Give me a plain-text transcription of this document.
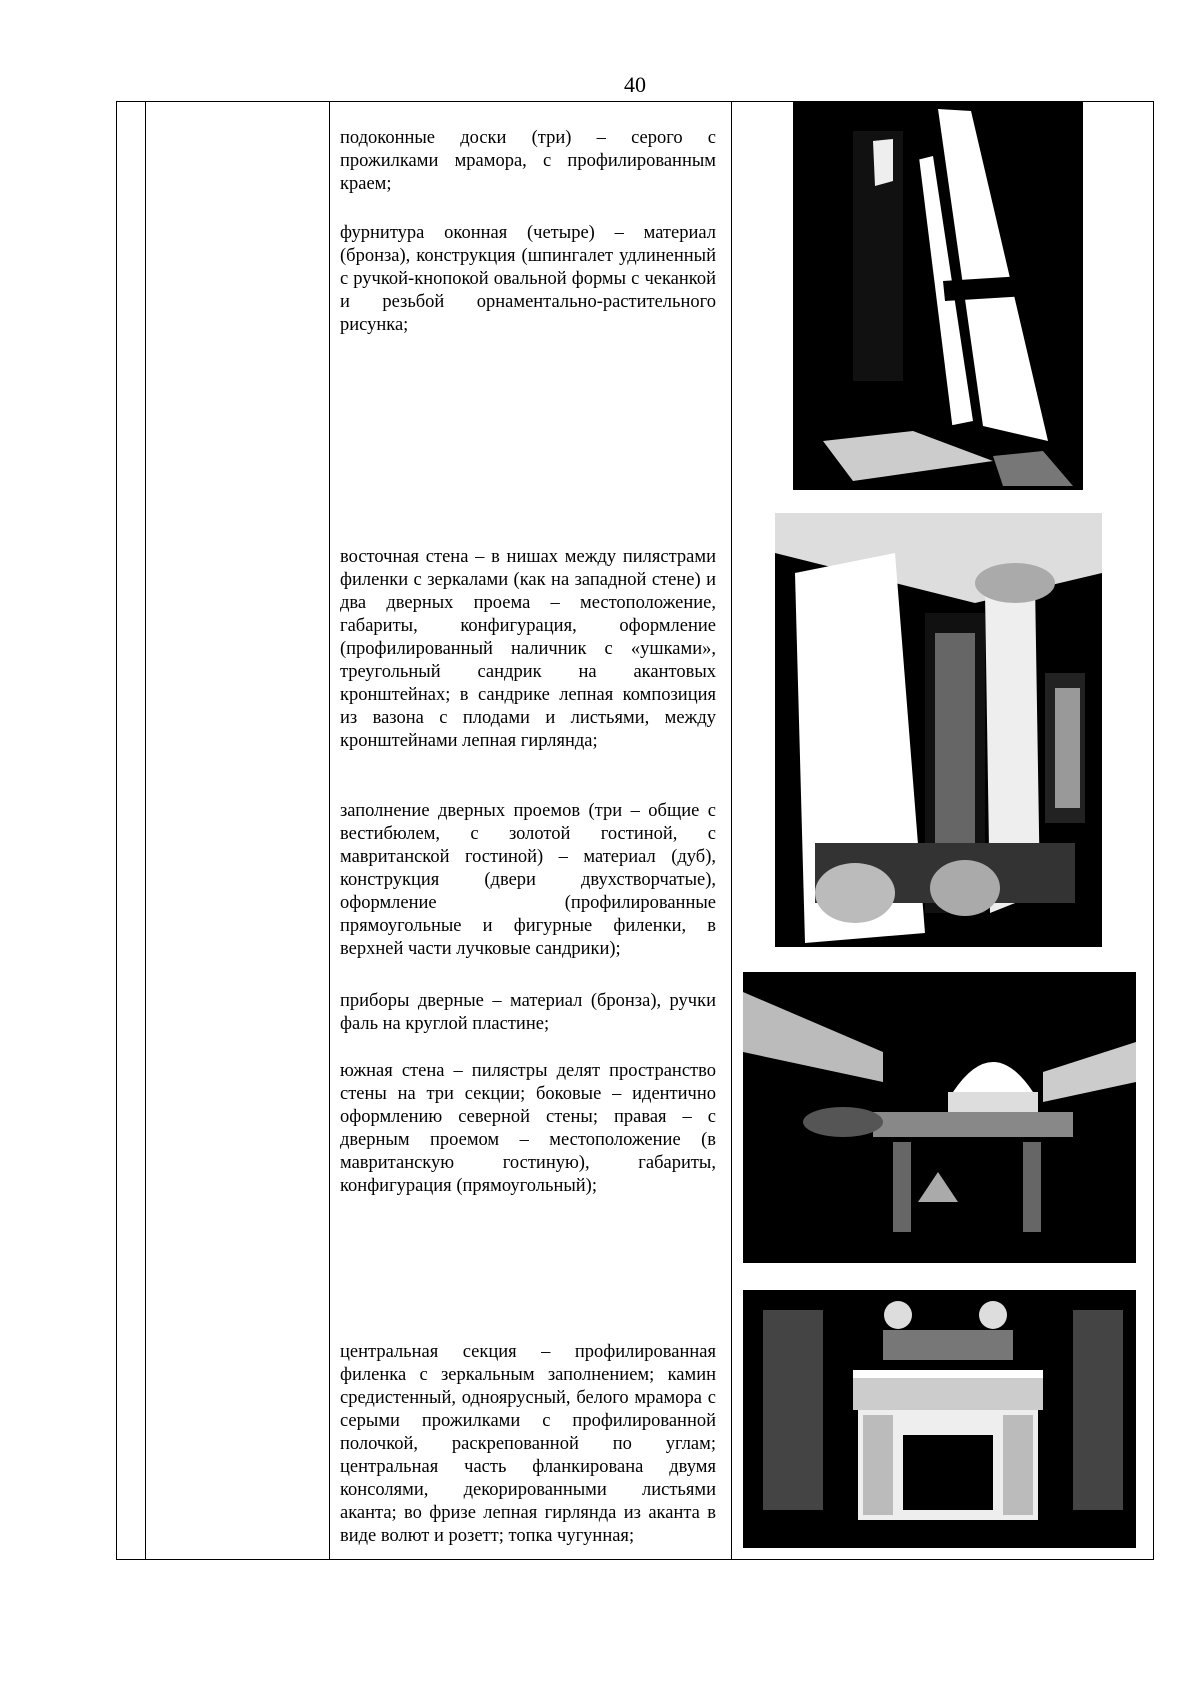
40
подоконные доски (три) – серого с прожилками мрамора, с профилированным краем;
фурнитура оконная (четыре) – материал (бронза), конструкция (шпингалет удлиненный с ручкой-кнопокой овальной формы с чеканкой и резьбой орнаментально-растительного рисунка;
восточная стена – в нишах между пилястрами филенки с зеркалами (как на западной стене) и два дверных проема – местоположение, габариты, конфигурация, оформление (профилированный наличник с «ушками», треугольный сандрик на акантовых кронштейнах; в сандрике лепная композиция из вазона с плодами и листьями, между кронштейнами лепная гирлянда;
заполнение дверных проемов (три – общие с вестибюлем, с золотой гостиной, с мавританской гостиной) – материал (дуб), конструкция (двери двухстворчатые), оформление (профилированные прямоугольные и фигурные филенки, в верхней части лучковые сандрики);
приборы дверные – материал (бронза), ручки фаль на круглой пластине;
южная стена – пилястры делят пространство стены на три секции; боковые – идентично оформлению северной стены; правая – с дверным проемом – местоположение (в мавританскую гостиную), габариты, конфигурация (прямоугольный);
центральная секция – профилированная филенка с зеркальным заполнением; камин средистенный, одноярусный, белого мрамора с серыми прожилками с профилированной полочкой, раскрепованной по углам; центральная часть фланкирована двумя консолями, декорированными листьями аканта; во фризе лепная гирлянда из аканта в виде волют и розетт; топка чугунная;
